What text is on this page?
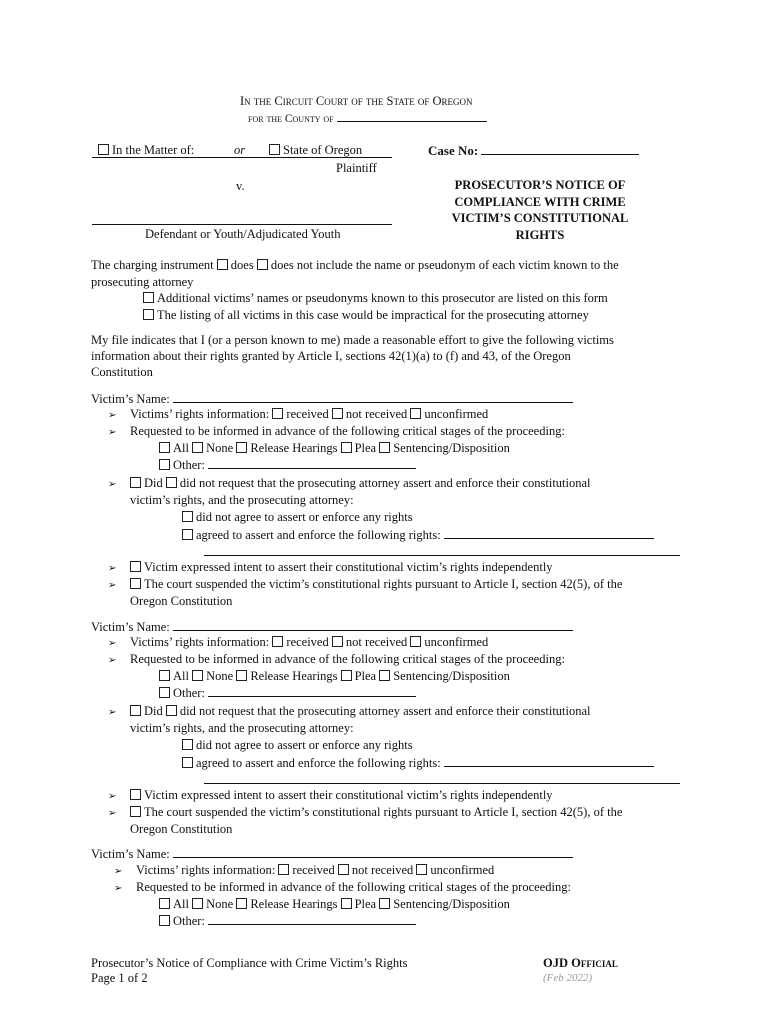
In the Circuit Court of the State of Oregon
for the County of
In the Matter of:	or	State of Oregon
Plaintiff
v.
Defendant or Youth/Adjudicated Youth
Case No:
PROSECUTOR’S NOTICE OF
COMPLIANCE WITH CRIME
VICTIM’S CONSTITUTIONAL
RIGHTS
The charging instrument does does not include the name or pseudonym of each victim known to the
prosecuting attorney
Additional victims’ names or pseudonyms known to this prosecutor are listed on this form
The listing of all victims in this case would be impractical for the prosecuting attorney
My file indicates that I (or a person known to me) made a reasonable effort to give the following victims
information about their rights granted by Article I, sections 42(1)(a) to (f) and 43, of the Oregon
Constitution
Victim’s Name:
➢ Victims’ rights information: received not received unconfirmed
➢ Requested to be informed in advance of the following critical stages of the proceeding:
All None Release Hearings Plea Sentencing/Disposition
Other:
➢ Did did not request that the prosecuting attorney assert and enforce their constitutional
victim’s rights, and the prosecuting attorney:
did not agree to assert or enforce any rights
agreed to assert and enforce the following rights:
➢ Victim expressed intent to assert their constitutional victim’s rights independently
➢ The court suspended the victim’s constitutional rights pursuant to Article I, section 42(5), of the
Oregon Constitution
Victim’s Name:
➢ Victims’ rights information: received not received unconfirmed
➢ Requested to be informed in advance of the following critical stages of the proceeding:
All None Release Hearings Plea Sentencing/Disposition
Other:
➢ Did did not request that the prosecuting attorney assert and enforce their constitutional
victim’s rights, and the prosecuting attorney:
did not agree to assert or enforce any rights
agreed to assert and enforce the following rights:
➢ Victim expressed intent to assert their constitutional victim’s rights independently
➢ The court suspended the victim’s constitutional rights pursuant to Article I, section 42(5), of the
Oregon Constitution
Victim’s Name:
➢ Victims’ rights information: received not received unconfirmed
➢ Requested to be informed in advance of the following critical stages of the proceeding:
All None Release Hearings Plea Sentencing/Disposition
Other:
Prosecutor’s Notice of Compliance with Crime Victim’s Rights
Page 1 of 2
OJD Official
(Feb 2022)
